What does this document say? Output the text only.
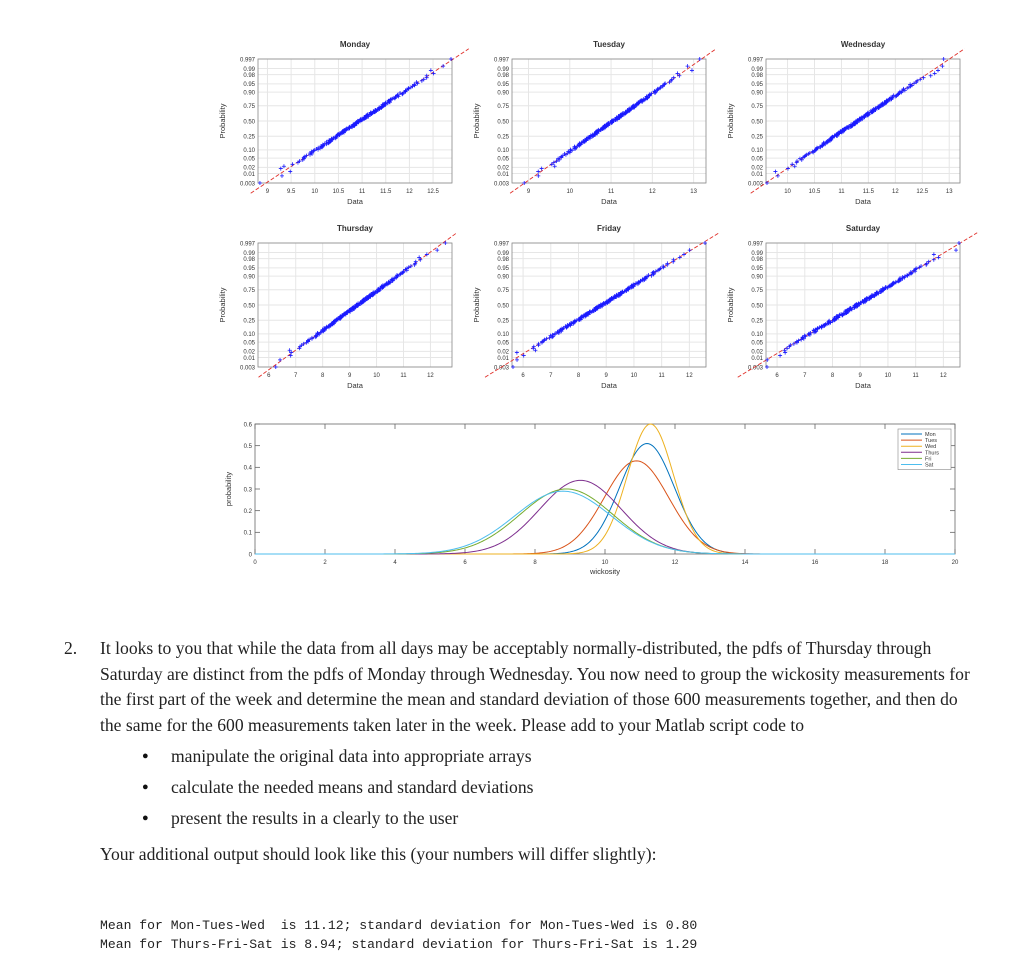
Monday
0.997
0.99
0.98
0.95
0.90
0.75
0.50
0.25
0.10
0.05
0.02
0.01
0.003
9	9.5	10 10.5 11 11.5 12 12.5
Data
Probability
Tuesday
0.997
0.99
0.98
0.95
0.90
0.75
0.50
0.25
0.10
0.05
0.02
0.01
0.003
9	10	11	12	13
Data
Probability
Wednesday
0.997
0.99
0.98
0.95
0.90
0.75
0.50
0.25
0.10
0.05
0.02
0.01
0.003
10	10.5	11	11.5	12	12.5	13
Data
Probability
Thursday
0.997
0.99
0.98
0.95
0.90
0.75
0.50
0.25
0.10
0.05
0.02
0.01
0.003
6	7	8	9	10	11	12
Data
Probability
Friday
0.997
0.99
0.98
0.95
0.90
0.75
0.50
0.25
0.10
0.05
0.02
0.01
0.003
6	7	8	9	10	11	12
Data
Probability
Saturday
0.997
0.99
0.98
0.95
0.90
0.75
0.50
0.25
0.10
0.05
0.02
0.01
0.003
6	7	8	9	10	11	12
Data
Probability
0
0.1
0.2
0.3
0.4
0.5
0.6
0	2	4	6	8	10	12	14	16	18	20
wickosity
probability
Mon
Tues
Wed
Thurs
Fri
Sat
2. It looks to you that while the data from all days may be acceptably normally-distributed, the pdfs of Thursday through Saturday are distinct from the pdfs of Monday through Wednesday. You now need to group the wickosity measurements for the first part of the week and determine the mean and standard deviation of those 600 measurements together, and then do the same for the 600 measurements taken later in the week. Please add to your Matlab script code to
● manipulate the original data into appropriate arrays
● calculate the needed means and standard deviations
● present the results in a clearly to the user
Your additional output should look like this (your numbers will differ slightly):
Mean for Mon-Tues-Wed  is 11.12; standard deviation for Mon-Tues-Wed is 0.80
Mean for Thurs-Fri-Sat is 8.94; standard deviation for Thurs-Fri-Sat is 1.29
